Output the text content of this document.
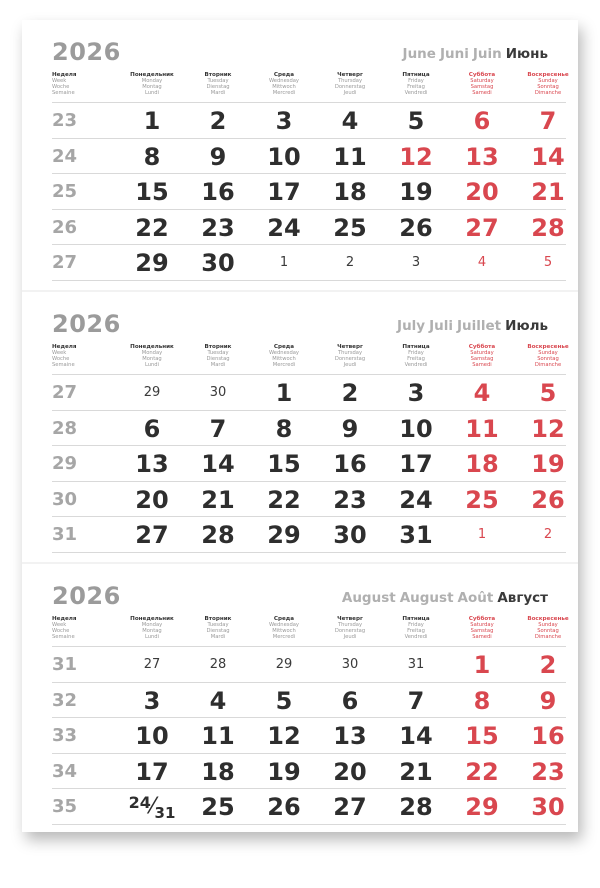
2026	June Juni Juin Июнь
Неделя
Week
Woche
Semaine
Понедельник
Monday
Montag
Lundi
Вторник
Tuesday
Dienstag
Mardi
Среда
Wednesday
Mittwoch
Mercredi
Четверг
Thursday
Donnerstag
Jeudi
Пятница
Friday
Freitag
Vendredi
Суббота
Saturday
Samstag
Samedi
Воскресенье
Sunday
Sonntag
Dimanche
23	1	2	3	4	5	6	7
24	8	9	10	11	12	13	14
25	15	16	17	18	19	20	21
26	22	23	24	25	26	27	28
27	29	30	1	2	3	4	5
2026	July Juli Juillet Июль
Неделя
Week
Woche
Semaine
Понедельник
Monday
Montag
Lundi
Вторник
Tuesday
Dienstag
Mardi
Среда
Wednesday
Mittwoch
Mercredi
Четверг
Thursday
Donnerstag
Jeudi
Пятница
Friday
Freitag
Vendredi
Суббота
Saturday
Samstag
Samedi
Воскресенье
Sunday
Sonntag
Dimanche
27	29	30	1	2	3	4	5
28	6	7	8	9	10	11	12
29	13	14	15	16	17	18	19
30	20	21	22	23	24	25	26
31	27	28	29	30	31	1	2
2026	August August Août Август
Неделя
Week
Woche
Semaine
Понедельник
Monday
Montag
Lundi
Вторник
Tuesday
Dienstag
Mardi
Среда
Wednesday
Mittwoch
Mercredi
Четверг
Thursday
Donnerstag
Jeudi
Пятница
Friday
Freitag
Vendredi
Суббота
Saturday
Samstag
Samedi
Воскресенье
Sunday
Sonntag
Dimanche
31	27	28	29	30	31	1	2
32	3	4	5	6	7	8	9
33	10	11	12	13	14	15	16
34	17	18	19	20	21	22	23
35	24⁄31	25	26	27	28	29	30
